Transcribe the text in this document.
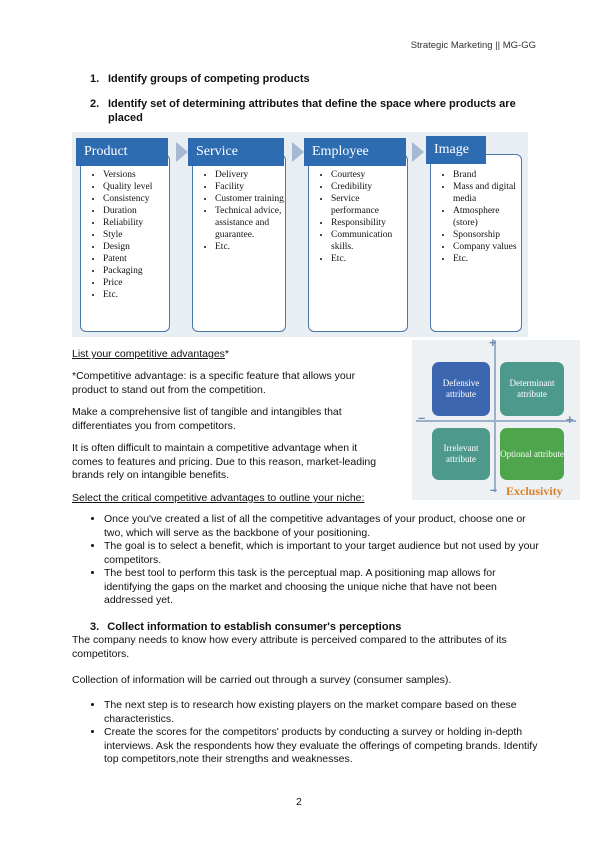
Strategic Marketing || MG-GG
1. Identify groups of competing products
2. Identify set of determining attributes that define the space where products are placed
• Versions
• Quality level
• Consistency
• Duration
• Reliability
• Style
• Design
• Patent
• Packaging
• Price
• Etc.
Product
• Delivery
• Facility
• Customer training
• Technical advice, assistance and guarantee.
• Etc.
Service
• Courtesy
• Credibility
• Service performance
• Responsibility
• Communication skills.
• Etc.
Employee
• Brand
• Mass and digital media
• Atmosphere (store)
• Sponsorship
• Company values
• Etc.
Image
List your competitive advantages*
*Competitive advantage: is a specific feature that allows your product to stand out from the competition.
Make a comprehensive list of tangible and intangibles that differentiates you from competitors.
It is often difficult to maintain a competitive advantage when it comes to features and pricing. Due to this reason, market-leading brands rely on intangible benefits.
Select the critical competitive advantages to outline your niche:
+
+
–
Defensive attribute
Determinant attribute
Irrelevant attribute
Optional attribute
– Exclusivity
• Once you've created a list of all the competitive advantages of your product, choose one or two, which will serve as the backbone of your positioning.
• The goal is to select a benefit, which is important to your target audience but not used by your competitors.
• The best tool to perform this task is the perceptual map. A positioning map allows for identifying the gaps on the market and choosing the unique niche that have not been addressed yet.
3. Collect information to establish consumer's perceptions
The company needs to know how every attribute is perceived compared to the attributes of its competitors.
Collection of information will be carried out through a survey (consumer samples).
• The next step is to research how existing players on the market compare based on these characteristics.
• Create the scores for the competitors' products by conducting a survey or holding in-depth interviews. Ask the respondents how they evaluate the offerings of competing brands. Identify top competitors,note their strengths and weaknesses.
2
